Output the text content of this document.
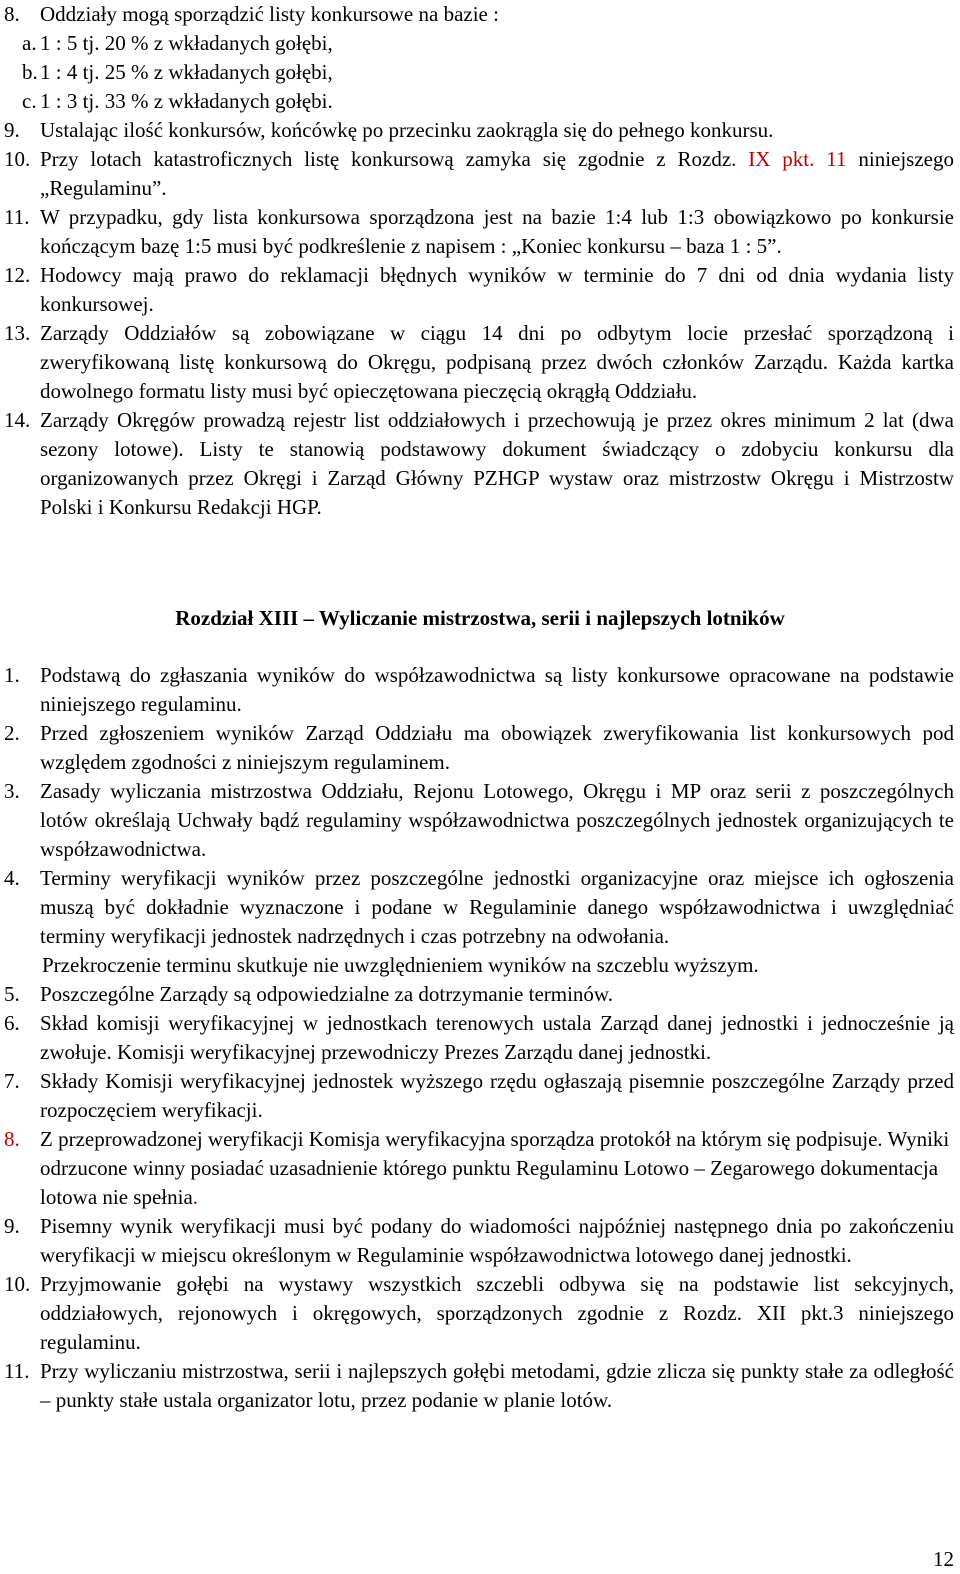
8. Oddziały mogą sporządzić listy konkursowe na bazie :
a. 1 : 5 tj. 20 % z wkładanych gołębi,
b. 1 : 4 tj. 25 % z wkładanych gołębi,
c. 1 : 3 tj. 33 % z wkładanych gołębi.
9. Ustalając ilość konkursów, końcówkę po przecinku zaokrągla się do pełnego konkursu.
10. Przy lotach katastroficznych listę konkursową zamyka się zgodnie z Rozdz. IX pkt. 11 niniejszego „Regulaminu”.
11. W przypadku, gdy lista konkursowa sporządzona jest na bazie 1:4 lub 1:3 obowiązkowo po konkursie kończącym bazę 1:5 musi być podkreślenie z napisem : „Koniec konkursu – baza 1 : 5”.
12. Hodowcy mają prawo do reklamacji błędnych wyników w terminie do 7 dni od dnia wydania listy konkursowej.
13. Zarządy Oddziałów są zobowiązane w ciągu 14 dni po odbytym locie przesłać sporządzoną i zweryfikowaną listę konkursową do Okręgu, podpisaną przez dwóch członków Zarządu. Każda kartka dowolnego formatu listy musi być opieczętowana pieczęcią okrągłą Oddziału.
14. Zarządy Okręgów prowadzą rejestr list oddziałowych i przechowują je przez okres minimum 2 lat (dwa sezony lotowe). Listy te stanowią podstawowy dokument świadczący o zdobyciu konkursu dla organizowanych przez Okręgi i Zarząd Główny PZHGP wystaw oraz mistrzostw Okręgu i Mistrzostw Polski i Konkursu Redakcji HGP.
Rozdział XIII – Wyliczanie mistrzostwa, serii i najlepszych lotników
1. Podstawą do zgłaszania wyników do współzawodnictwa są listy konkursowe opracowane na podstawie niniejszego regulaminu.
2. Przed zgłoszeniem wyników Zarząd Oddziału ma obowiązek zweryfikowania list konkursowych pod względem zgodności z niniejszym regulaminem.
3. Zasady wyliczania mistrzostwa Oddziału, Rejonu Lotowego, Okręgu i MP oraz serii z poszczególnych lotów określają Uchwały bądź regulaminy współzawodnictwa poszczególnych jednostek organizujących te współzawodnictwa.
4. Terminy weryfikacji wyników przez poszczególne jednostki organizacyjne oraz miejsce ich ogłoszenia muszą być dokładnie wyznaczone i podane w Regulaminie danego współzawodnictwa i uwzględniać terminy weryfikacji jednostek nadrzędnych i czas potrzebny na odwołania.
Przekroczenie terminu skutkuje nie uwzględnieniem wyników na szczeblu wyższym.
5. Poszczególne Zarządy są odpowiedzialne za dotrzymanie terminów.
6. Skład komisji weryfikacyjnej w jednostkach terenowych ustala Zarząd danej jednostki i jednocześnie ją zwołuje. Komisji weryfikacyjnej przewodniczy Prezes Zarządu danej jednostki.
7. Składy Komisji weryfikacyjnej jednostek wyższego rzędu ogłaszają pisemnie poszczególne Zarządy przed rozpoczęciem weryfikacji.
8. Z przeprowadzonej weryfikacji Komisja weryfikacyjna sporządza protokół na którym się podpisuje. Wyniki odrzucone winny posiadać uzasadnienie którego punktu Regulaminu Lotowo – Zegarowego dokumentacja lotowa nie spełnia.
9. Pisemny wynik weryfikacji musi być podany do wiadomości najpóźniej następnego dnia po zakończeniu weryfikacji w miejscu określonym w Regulaminie współzawodnictwa lotowego danej jednostki.
10. Przyjmowanie gołębi na wystawy wszystkich szczebli odbywa się na podstawie list sekcyjnych, oddziałowych, rejonowych i okręgowych, sporządzonych zgodnie z Rozdz. XII pkt.3 niniejszego regulaminu.
11. Przy wyliczaniu mistrzostwa, serii i najlepszych gołębi metodami, gdzie zlicza się punkty stałe za odległość – punkty stałe ustala organizator lotu, przez podanie w planie lotów.
12
